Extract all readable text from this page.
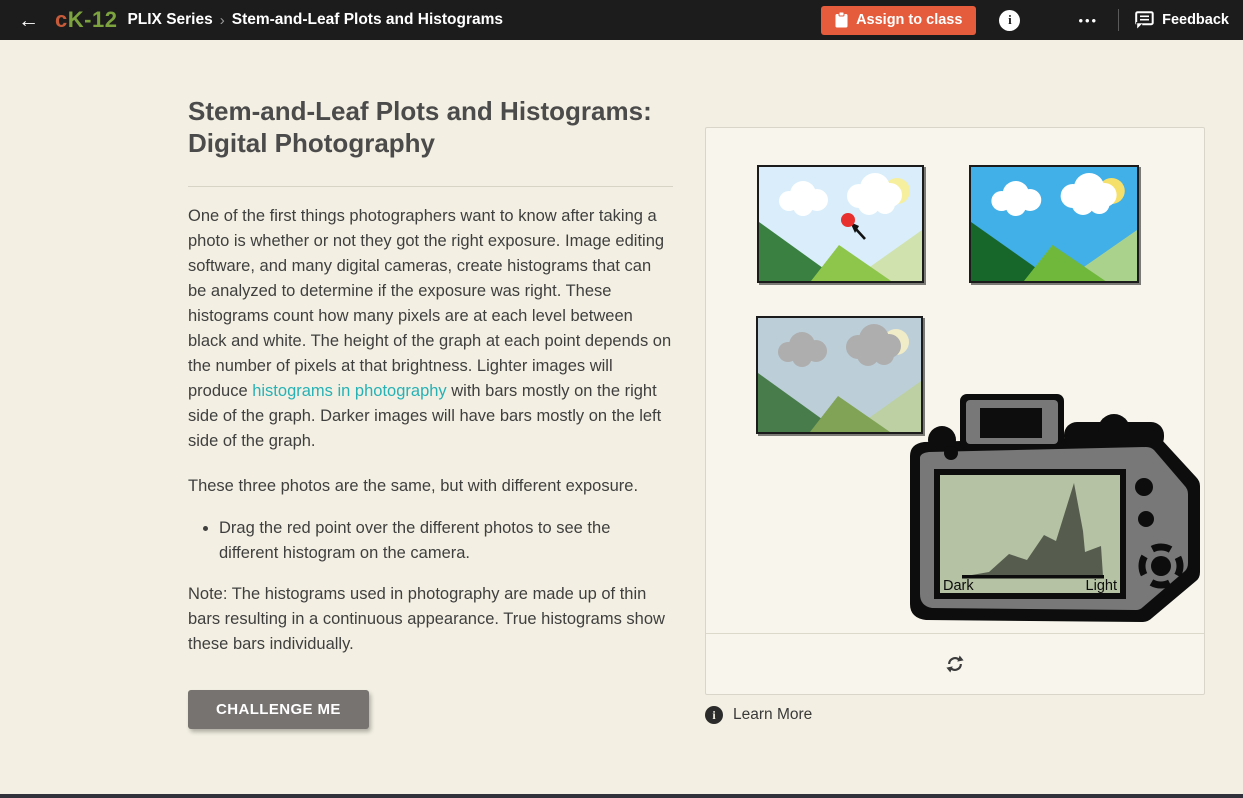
← cK-12 PLIX Series › Stem-and-Leaf Plots and Histograms	Assign to class	i	•••	Feedback
Stem-and-Leaf Plots and Histograms: Digital Photography

One of the first things photographers want to know after taking a photo is whether or not they got the right exposure. Image editing software, and many digital cameras, create histograms that can be analyzed to determine if the exposure was right. These histograms count how many pixels are at each level between black and white. The height of the graph at each point depends on the number of pixels at that brightness. Lighter images will produce histograms in photography with bars mostly on the right side of the graph. Darker images will have bars mostly on the left side of the graph.

These three photos are the same, but with different exposure.

• Drag the red point over the different photos to see the different histogram on the camera.

Note: The histograms used in photography are made up of thin bars resulting in a continuous appearance. True histograms show these bars individually.

CHALLENGE ME
Dark	Light
i	Learn More
